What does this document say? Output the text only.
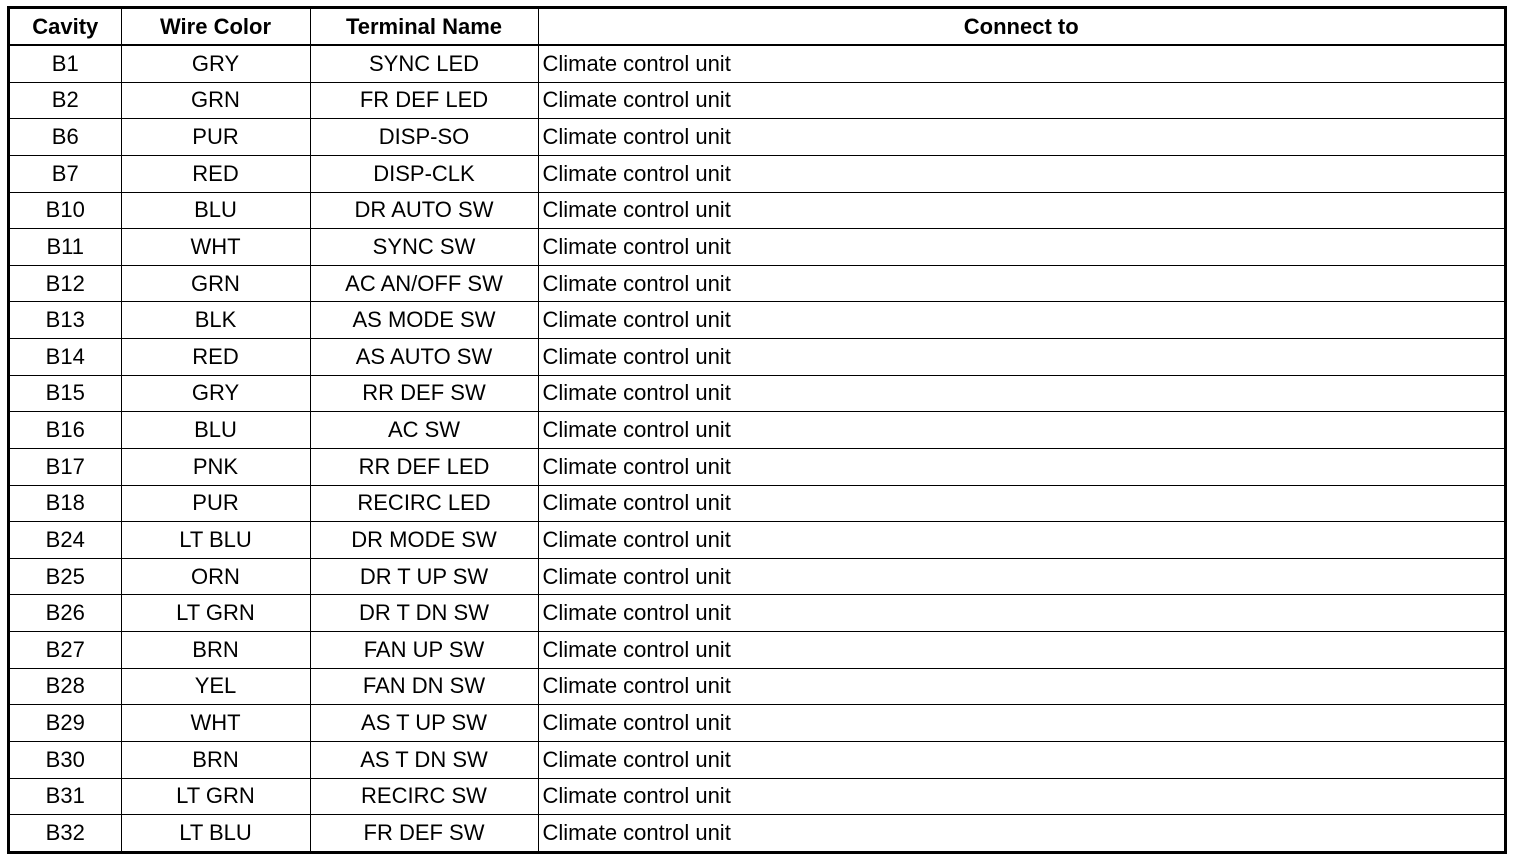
Cavity	Wire Color	Terminal Name	Connect to
B1	GRY	SYNC LED	Climate control unit
B2	GRN	FR DEF LED	Climate control unit
B6	PUR	DISP-SO	Climate control unit
B7	RED	DISP-CLK	Climate control unit
B10	BLU	DR AUTO SW	Climate control unit
B11	WHT	SYNC SW	Climate control unit
B12	GRN	AC AN/OFF SW	Climate control unit
B13	BLK	AS MODE SW	Climate control unit
B14	RED	AS AUTO SW	Climate control unit
B15	GRY	RR DEF SW	Climate control unit
B16	BLU	AC SW	Climate control unit
B17	PNK	RR DEF LED	Climate control unit
B18	PUR	RECIRC LED	Climate control unit
B24	LT BLU	DR MODE SW	Climate control unit
B25	ORN	DR T UP SW	Climate control unit
B26	LT GRN	DR T DN SW	Climate control unit
B27	BRN	FAN UP SW	Climate control unit
B28	YEL	FAN DN SW	Climate control unit
B29	WHT	AS T UP SW	Climate control unit
B30	BRN	AS T DN SW	Climate control unit
B31	LT GRN	RECIRC SW	Climate control unit
B32	LT BLU	FR DEF SW	Climate control unit
